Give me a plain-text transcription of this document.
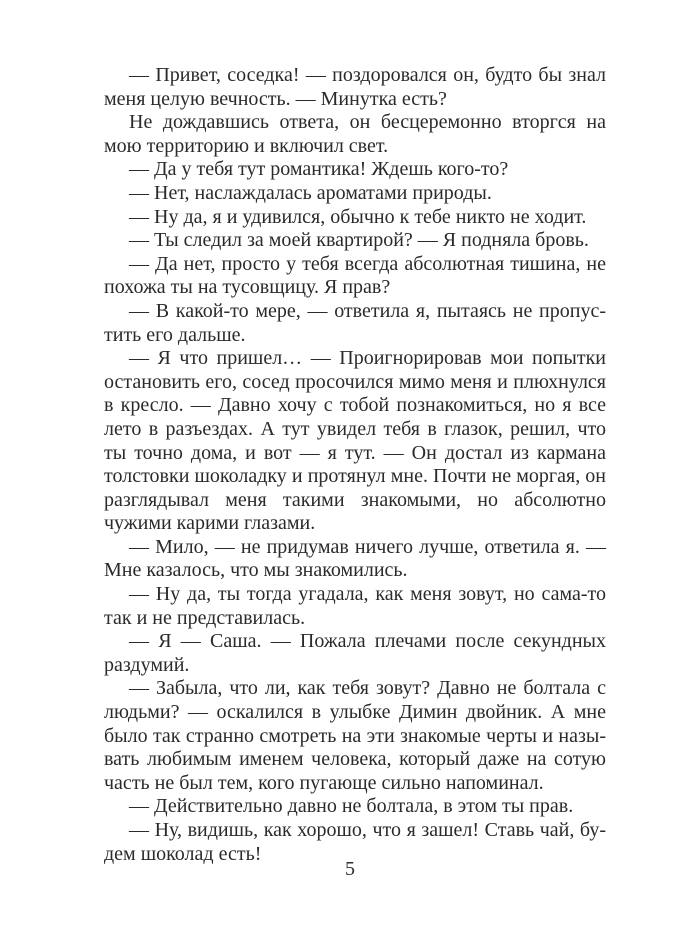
— Привет, соседка! — поздоровался он, будто бы знал меня целую вечность. — Минутка есть?

Не дождавшись ответа, он бесцеремонно вторгся на мою территорию и включил свет.

— Да у тебя тут романтика! Ждешь кого-то?

— Нет, наслаждалась ароматами природы.

— Ну да, я и удивился, обычно к тебе никто не ходит.

— Ты следил за моей квартирой? — Я подняла бровь.

— Да нет, просто у тебя всегда абсолютная тишина, не похожа ты на тусовщицу. Я прав?

— В какой-то мере, — ответила я, пытаясь не пропустить его дальше.

— Я что пришел… — Проигнорировав мои попытки остановить его, сосед просочился мимо меня и плюхнулся в кресло. — Давно хочу с тобой познакомиться, но я все лето в разъездах. А тут увидел тебя в глазок, решил, что ты точно дома, и вот — я тут. — Он достал из кармана толстовки шоколадку и протянул мне. Почти не моргая, он разглядывал меня такими знакомыми, но абсолютно чужими карими глазами.

— Мило, — не придумав ничего лучше, ответила я. — Мне казалось, что мы знакомились.

— Ну да, ты тогда угадала, как меня зовут, но сама-то так и не представилась.

— Я — Саша. — Пожала плечами после секундных раздумий.

— Забыла, что ли, как тебя зовут? Давно не болтала с людьми? — оскалился в улыбке Димин двойник. А мне было так странно смотреть на эти знакомые черты и называть любимым именем человека, который даже на сотую часть не был тем, кого пугающе сильно напоминал.

— Действительно давно не болтала, в этом ты прав.

— Ну, видишь, как хорошо, что я зашел! Ставь чай, будем шоколад есть!

5
